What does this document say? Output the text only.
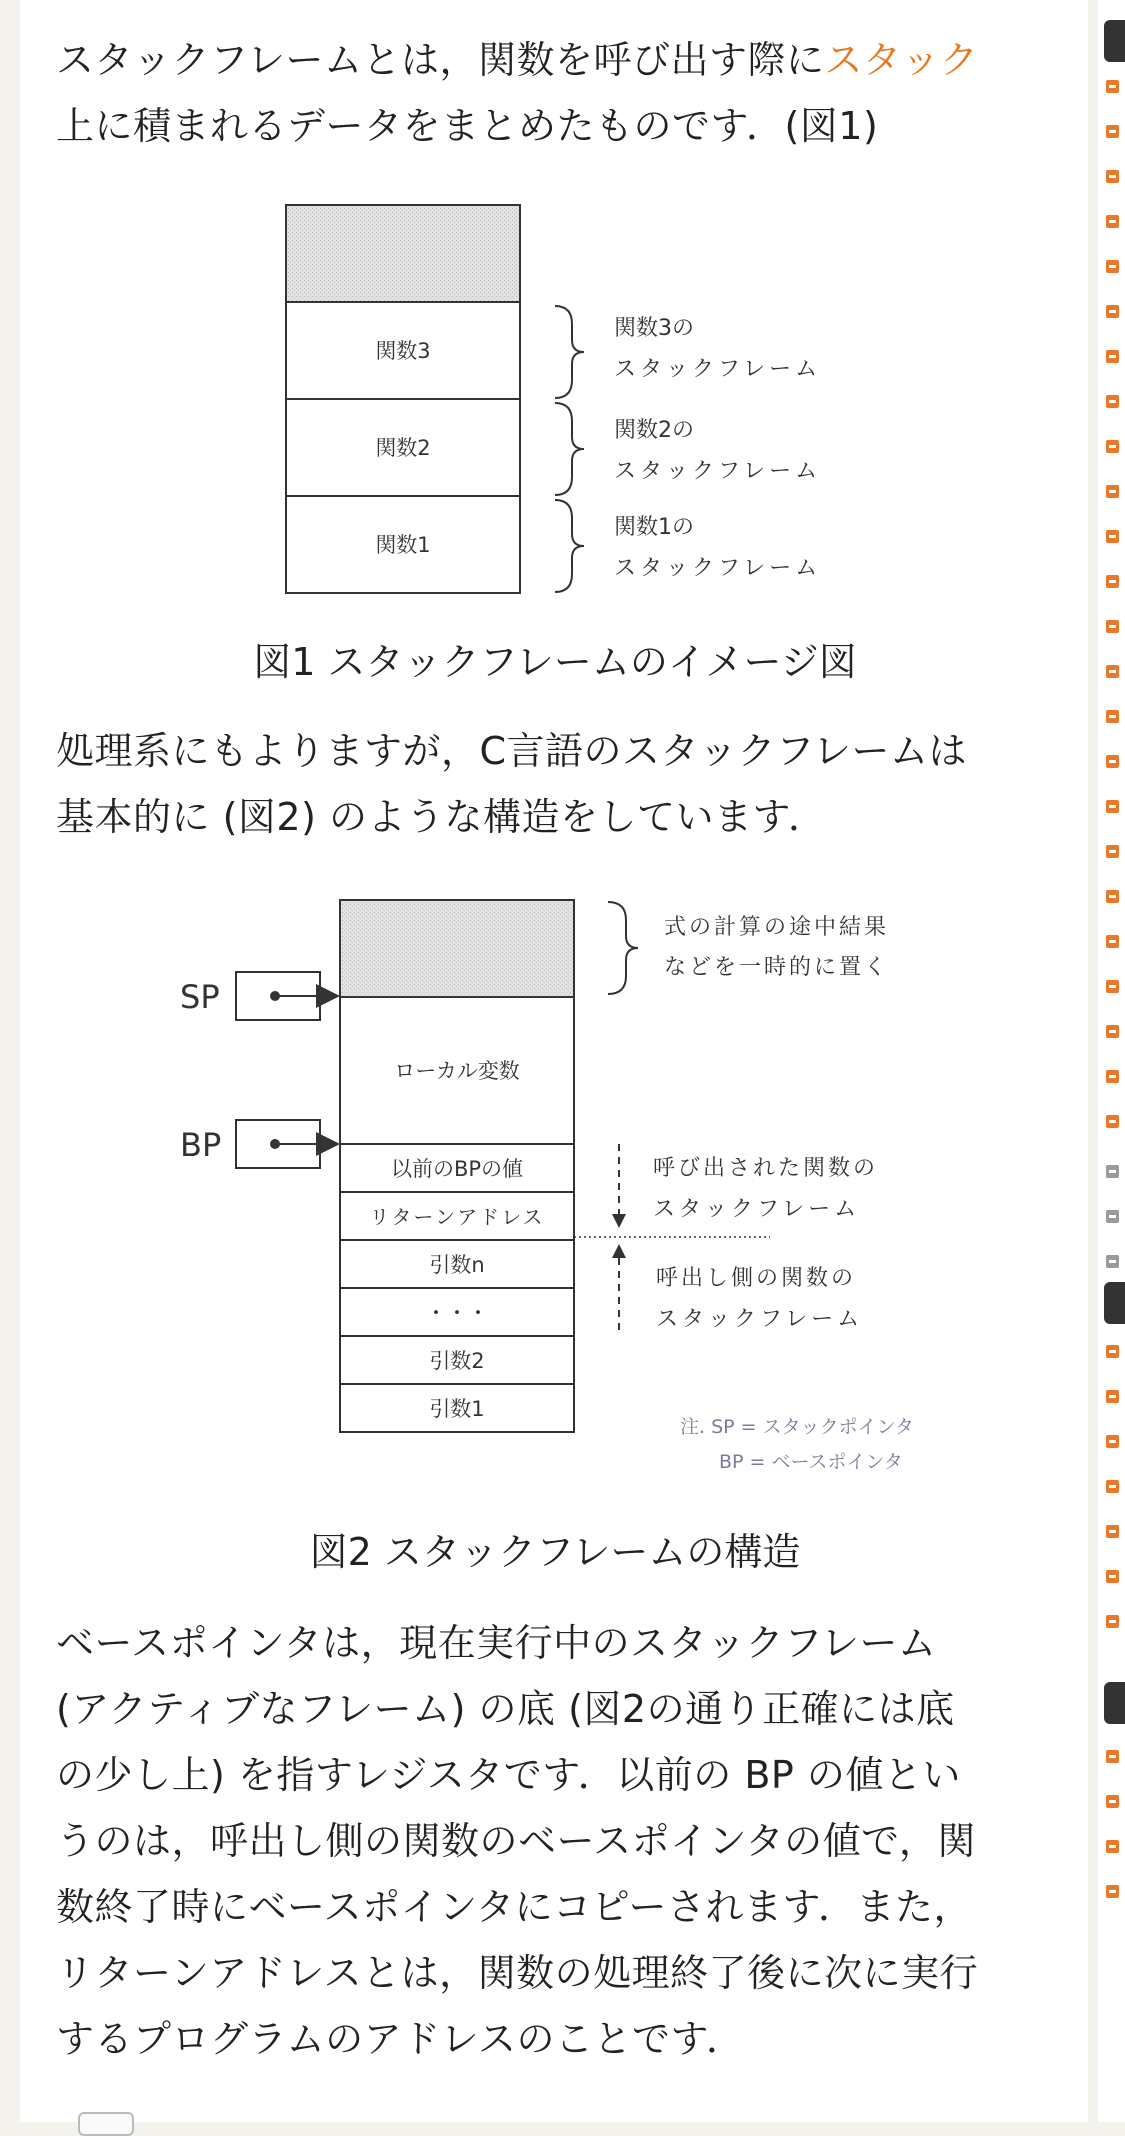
スタックフレームとは，関数を呼び出す際にスタック
上に積まれるデータをまとめたものです．(図1)

関数3
関数2
関数1
関数3の
スタックフレーム
関数2の
スタックフレーム
関数1の
スタックフレーム
図1 スタックフレームのイメージ図

処理系にもよりますが，C言語のスタックフレームは
基本的に (図2) のような構造をしています．

ローカル変数
以前のBPの値
リターンアドレス
引数n
・・・
引数2
引数1
SP
BP
式の計算の途中結果
などを一時的に置く
呼び出された関数の
スタックフレーム
呼出し側の関数の
スタックフレーム
注. SP = スタックポインタ
BP = ベースポインタ
図2 スタックフレームの構造

ベースポインタは，現在実行中のスタックフレーム
(アクティブなフレーム) の底 (図2の通り正確には底
の少し上) を指すレジスタです．以前の BP の値とい
うのは，呼出し側の関数のベースポインタの値で，関
数終了時にベースポインタにコピーされます．また，
リターンアドレスとは，関数の処理終了後に次に実行
するプログラムのアドレスのことです．
